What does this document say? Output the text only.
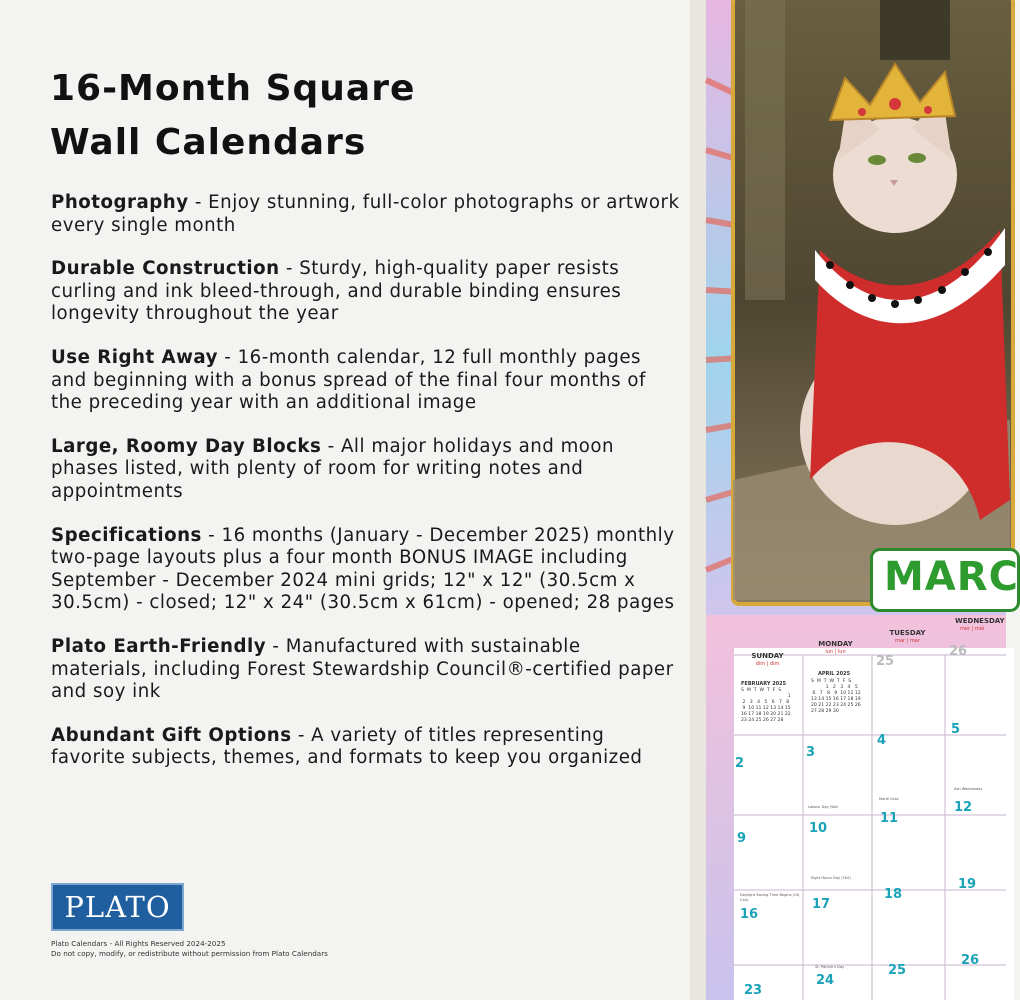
16-Month Square
Wall Calendars
Photography - Enjoy stunning, full-color photographs or artwork every single month
Durable Construction - Sturdy, high-quality paper resists curling and ink bleed-through, and durable binding ensures longevity throughout the year
Use Right Away - 16-month calendar, 12 full monthly pages and beginning with a bonus spread of the final four months of the preceding year with an additional image
Large, Roomy Day Blocks - All major holidays and moon phases listed, with plenty of room for writing notes and appointments
Specifications - 16 months (January - December 2025) monthly two-page layouts plus a four month BONUS IMAGE including September - December 2024 mini grids; 12" x 12" (30.5cm x 30.5cm) - closed; 12" x 24" (30.5cm x 61cm) - opened; 28 pages
Plato Earth-Friendly - Manufactured with sustainable materials, including Forest Stewardship Council®-certified paper and soy ink
Abundant Gift Options - A variety of titles representing favorite subjects, themes, and formats to keep you organized
PLATO
Plato Calendars - All Rights Reserved 2024-2025
Do not copy, modify, or redistribute without permission from Plato Calendars
MARC
SUNDAY
dim | dim
MONDAY
lun | lun
TUESDAY
mar | mar
WEDNESDAY
mer | mié
FEBRUARY 2025
S  M  T  W  T  F  S
1
2   3   4   5   6   7   8
9  10 11 12 13 14 15
16 17 18 19 20 21 22
23 24 25 26 27 28
APRIL 2025
S  M  T  W  T  F  S
1   2   3   4   5
6   7   8   9  10 11 12
13 14 15 16 17 18 19
20 21 22 23 24 25 26
27 28 29 30
25
26
2
3
4
5
9
10
11
12
16
17
18
19
23
24
25
26
Labour Day (Wa)
Mardi Gras
Ash Wednesday
Eight Hours Day (TAS)
Daylight Saving Time Begins (US, Can)
St. Patrick's Day
